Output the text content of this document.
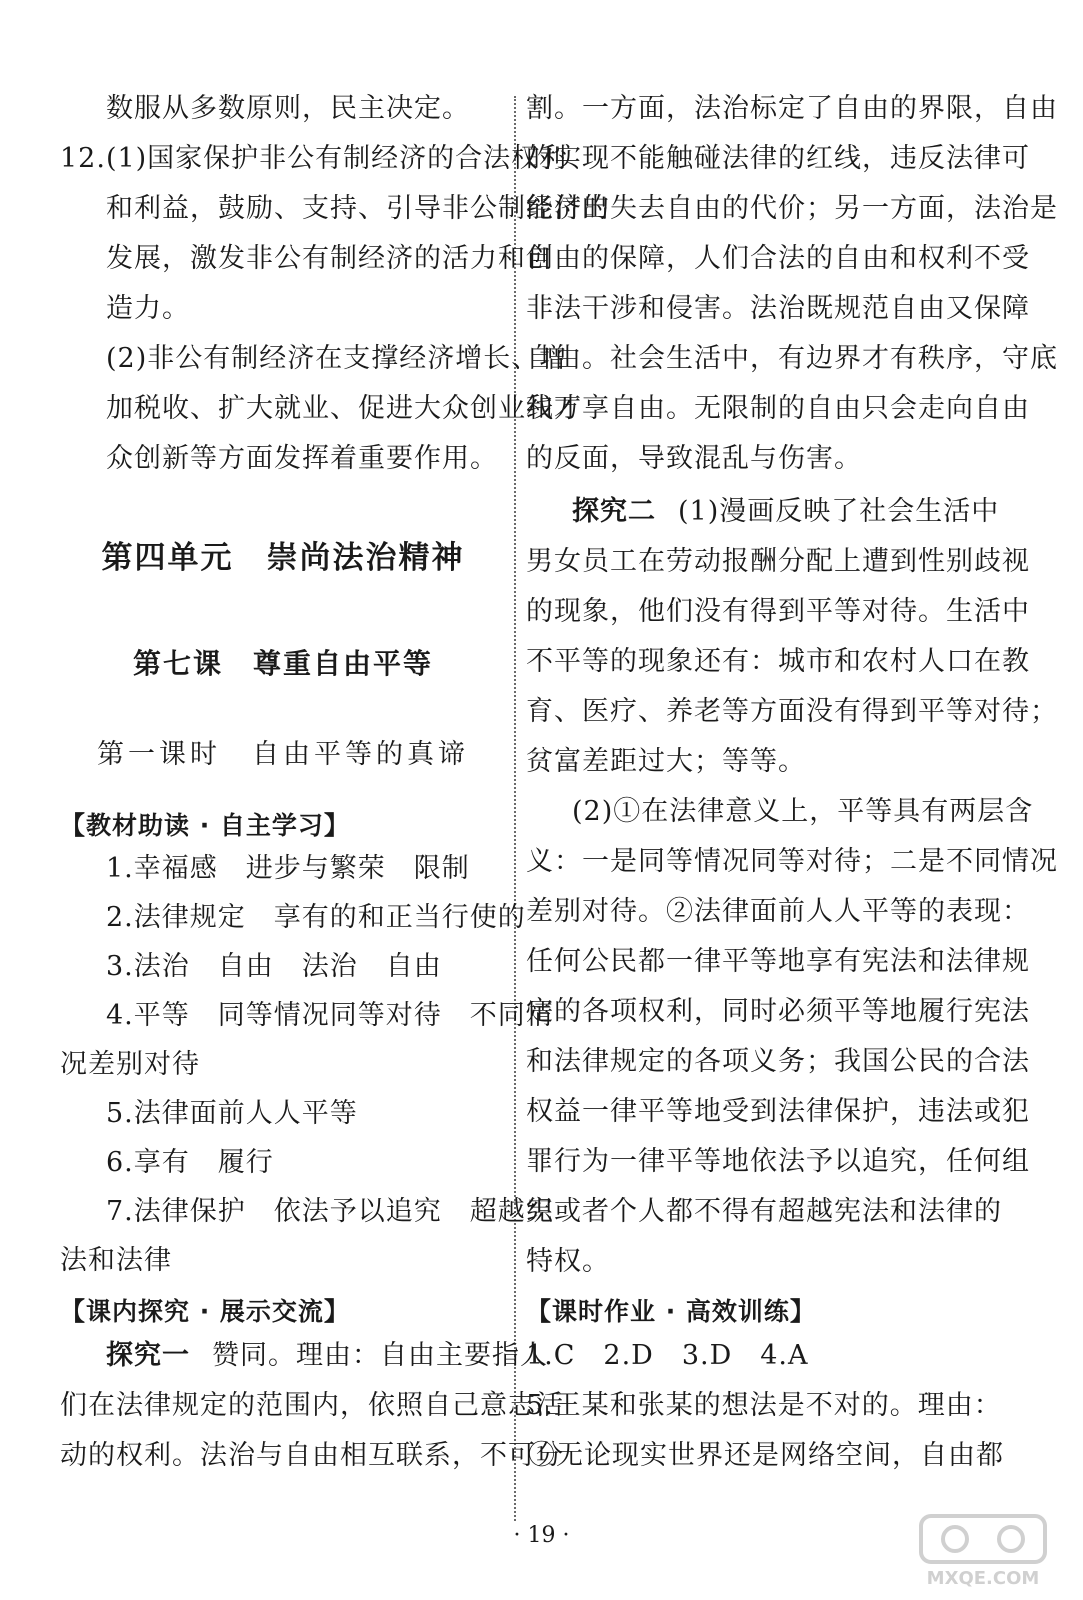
数服从多数原则，民主决定。
12.(1)国家保护非公有制经济的合法权利
和利益，鼓励、支持、引导非公制经济的
发展，激发非公有制经济的活力和创
造力。
(2)非公有制经济在支撑经济增长、增
加税收、扩大就业、促进大众创业和万
众创新等方面发挥着重要作用。
第四单元　崇尚法治精神
第七课　尊重自由平等
第一课时　自由平等的真谛
【教材助读 · 自主学习】
1.幸福感　进步与繁荣　限制
2.法律规定　享有的和正当行使的
3.法治　自由　法治　自由
4.平等　同等情况同等对待　不同情
况差别对待
5.法律面前人人平等
6.享有　履行
7.法律保护　依法予以追究　超越宪
法和法律
【课内探究 · 展示交流】
探究一 赞同。理由：自由主要指人
们在法律规定的范围内，依照自己意志活
动的权利。法治与自由相互联系，不可分
割。一方面，法治标定了自由的界限，自由
的实现不能触碰法律的红线，违反法律可
能付出失去自由的代价；另一方面，法治是
自由的保障，人们合法的自由和权利不受
非法干涉和侵害。法治既规范自由又保障
自由。社会生活中，有边界才有秩序，守底
线才享自由。无限制的自由只会走向自由
的反面，导致混乱与伤害。
探究二 (1)漫画反映了社会生活中
男女员工在劳动报酬分配上遭到性别歧视
的现象，他们没有得到平等对待。生活中
不平等的现象还有：城市和农村人口在教
育、医疗、养老等方面没有得到平等对待；
贫富差距过大；等等。
(2)①在法律意义上，平等具有两层含
义：一是同等情况同等对待；二是不同情况
差别对待。②法律面前人人平等的表现：
任何公民都一律平等地享有宪法和法律规
定的各项权利，同时必须平等地履行宪法
和法律规定的各项义务；我国公民的合法
权益一律平等地受到法律保护，违法或犯
罪行为一律平等地依法予以追究，任何组
织或者个人都不得有超越宪法和法律的
特权。
【课时作业 · 高效训练】
1.C　2.D　3.D　4.A
5.王某和张某的想法是不对的。理由：
①无论现实世界还是网络空间，自由都
· 19 ·
MXQE.COM
